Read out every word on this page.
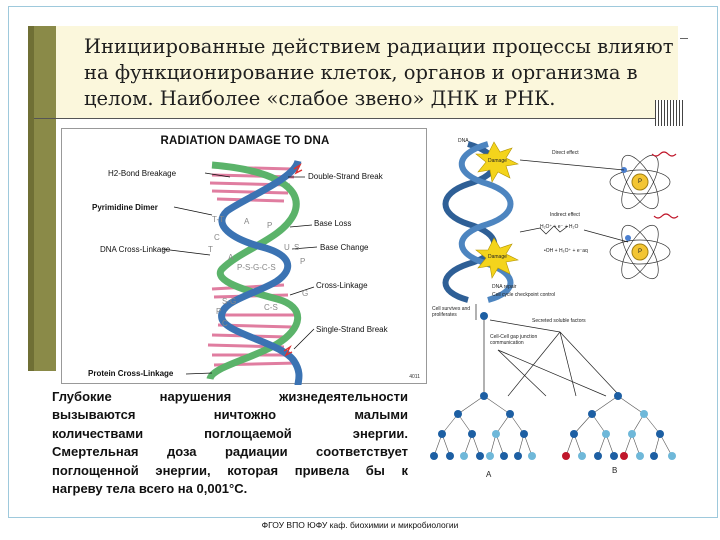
Инициированные действием радиации процессы влияют
на функционирование клеток, органов и организма в
целом. Наиболее «слабое звено» ДНК и РНК.
RADIATION DAMAGE TO DNA
T-T	A P
C
U S
T
A
P-S-G-C-S
P
G
S-G
C-S
P
C
H2-Bond Breakage
Pyrimidine Dimer
DNA Cross-Linkage
Protein Cross-Linkage
Double-Strand Break
Base Loss
Base Change
Cross-Linkage
Single-Strand Break
4011
Глубокие нарушения жизнедеятельности
вызываются ничтожно малыми
количествами поглощаемой энергии.
Смертельная доза радиации соответствует
поглощенной энергии, которая привела бы к
нагреву тела всего на 0,001°С.
DNA
Damage
Damage
Direct effect
Indirect effect
H₂O⁺ + e⁻ + H₂O
•OH + H₃O⁺ + e⁻aq
DNA repair
Cell cycle checkpoint control
Cell survives and proliferates
Secreted soluble factors
Cell-Cell gap junction communication
P
P
A	B
ФГОУ ВПО ЮФУ каф. биохимии и микробиологии
